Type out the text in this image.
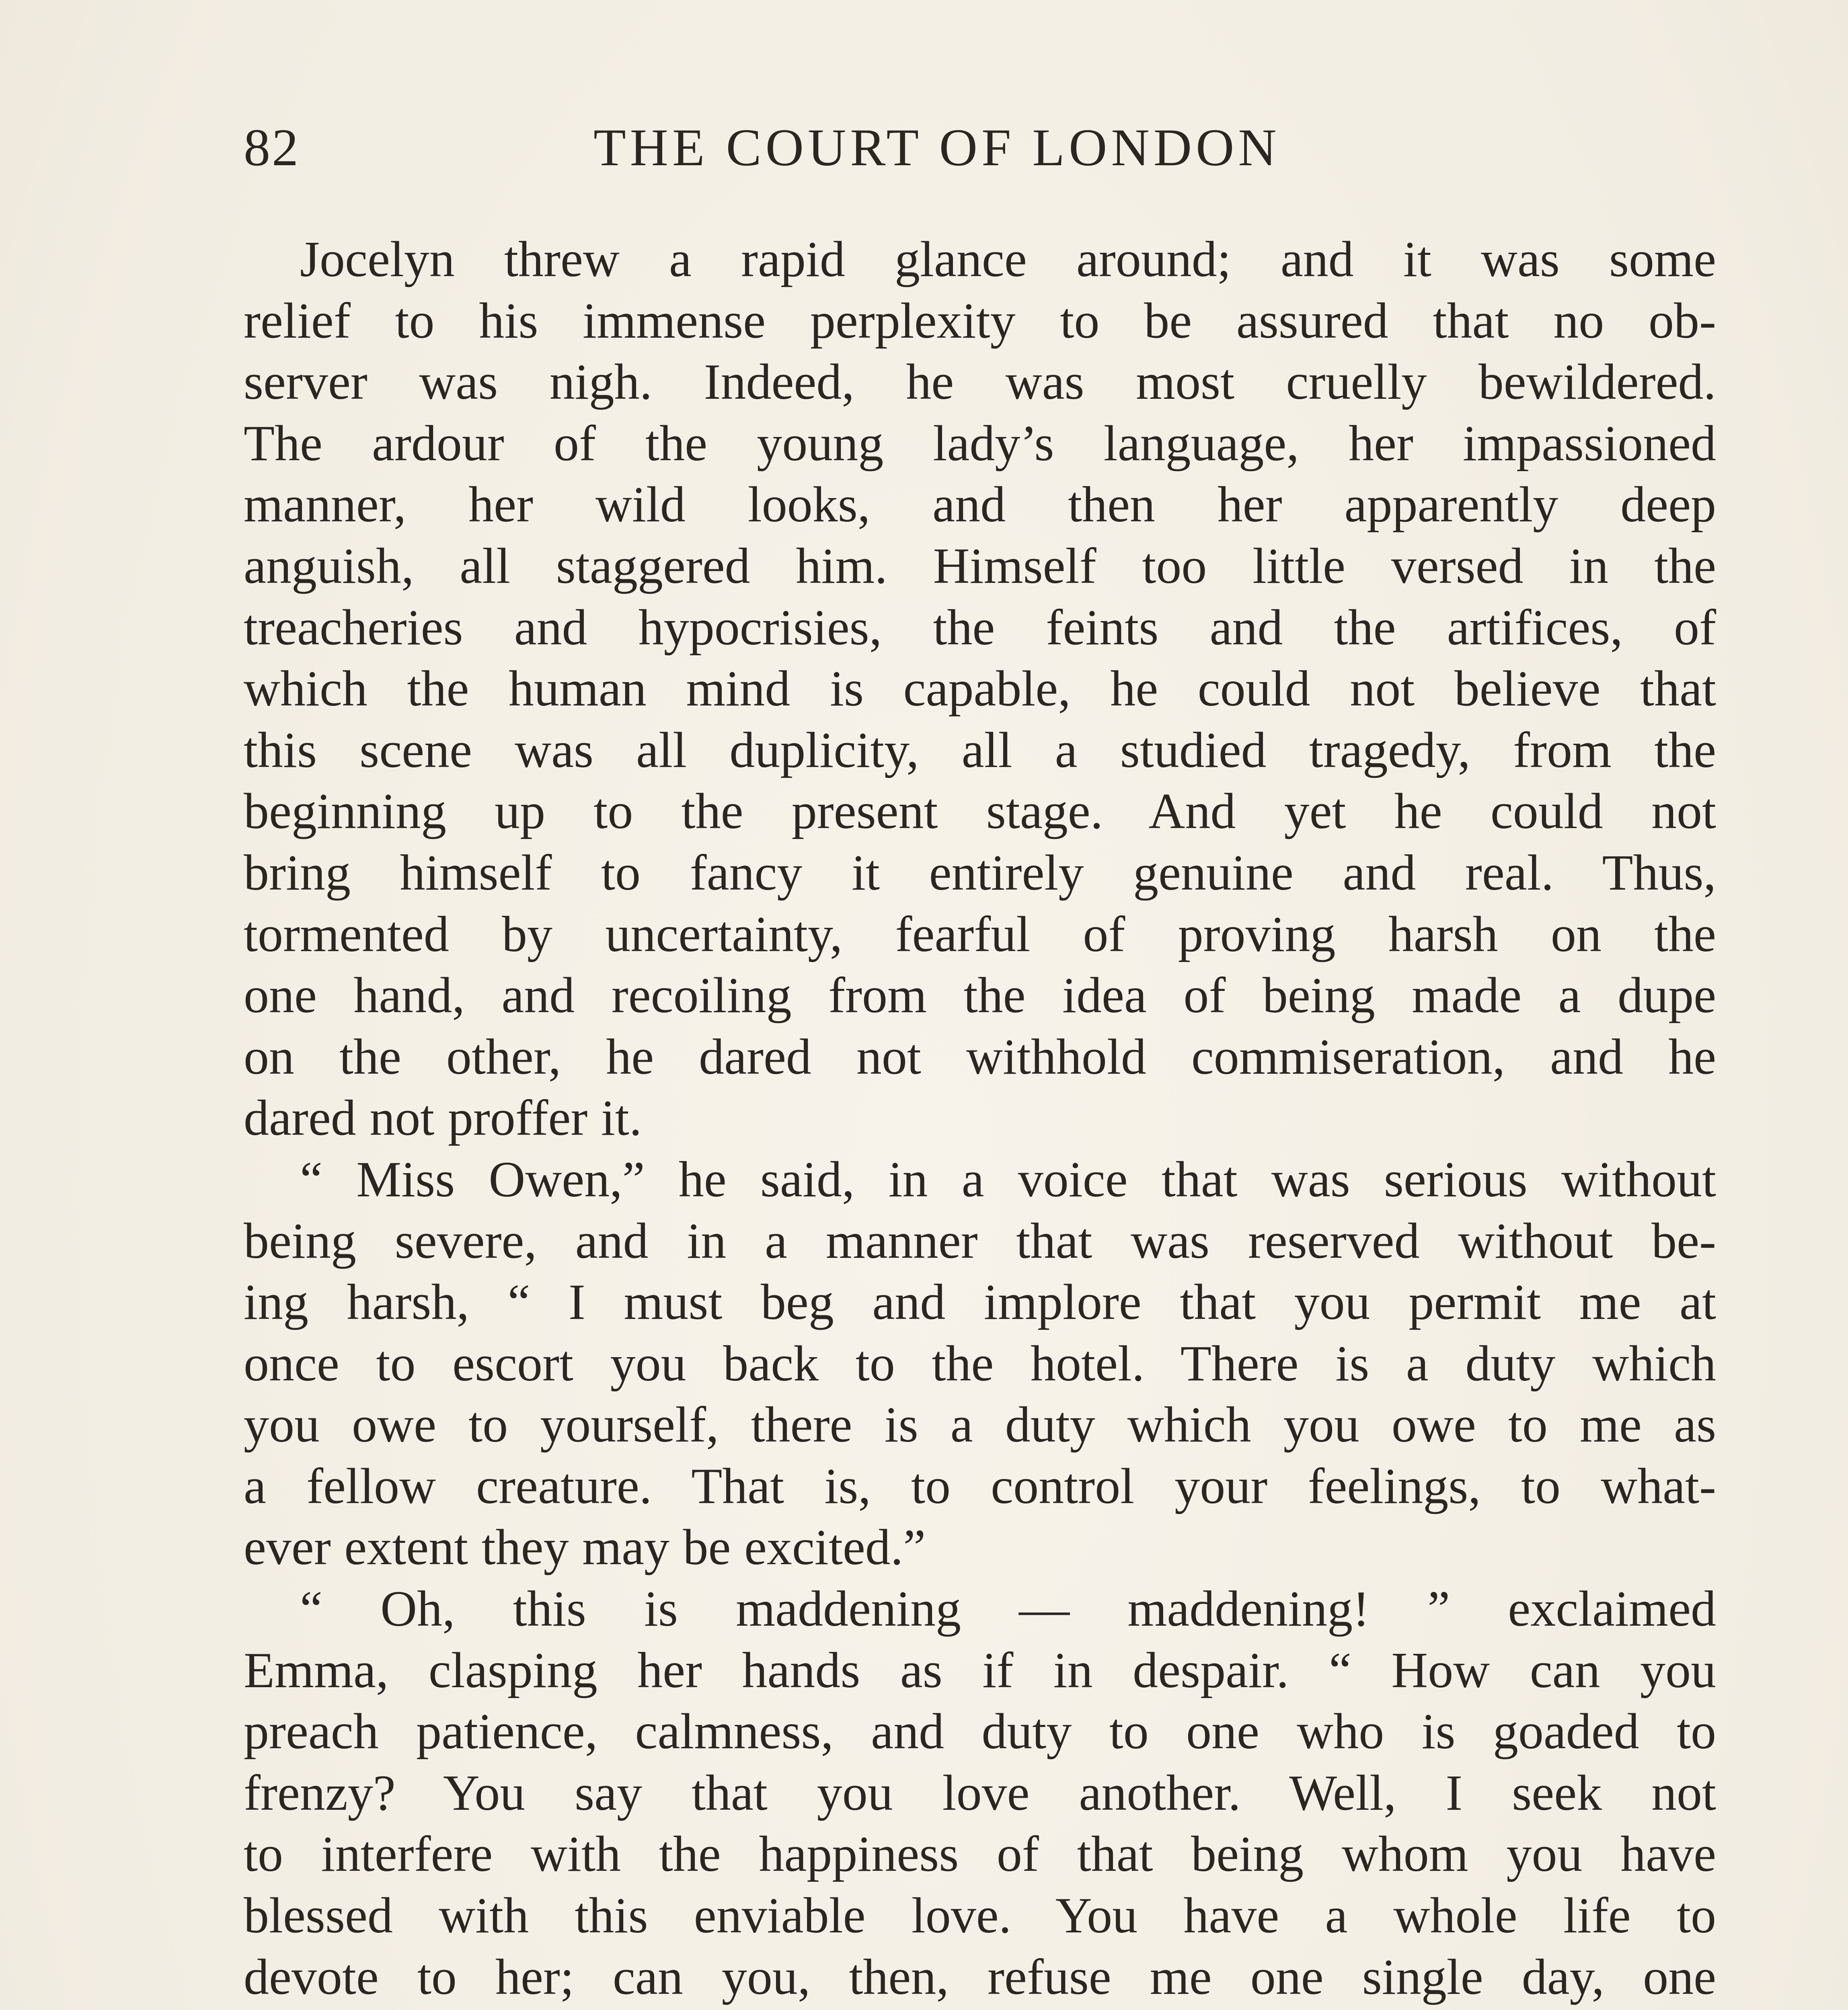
82	THE COURT OF LONDON
Jocelyn threw a rapid glance around; and it was some
relief to his immense perplexity to be assured that no ob-
server was nigh. Indeed, he was most cruelly bewildered.
The ardour of the young lady’s language, her impassioned
manner, her wild looks, and then her apparently deep
anguish, all staggered him. Himself too little versed in the
treacheries and hypocrisies, the feints and the artifices, of
which the human mind is capable, he could not believe that
this scene was all duplicity, all a studied tragedy, from the
beginning up to the present stage. And yet he could not
bring himself to fancy it entirely genuine and real. Thus,
tormented by uncertainty, fearful of proving harsh on the
one hand, and recoiling from the idea of being made a dupe
on the other, he dared not withhold commiseration, and he
dared not proffer it.
“ Miss Owen,” he said, in a voice that was serious without
being severe, and in a manner that was reserved without be-
ing harsh, “ I must beg and implore that you permit me at
once to escort you back to the hotel. There is a duty which
you owe to yourself, there is a duty which you owe to me as
a fellow creature. That is, to control your feelings, to what-
ever extent they may be excited.”
“ Oh, this is maddening — maddening! ” exclaimed
Emma, clasping her hands as if in despair. “ How can you
preach patience, calmness, and duty to one who is goaded to
frenzy? You say that you love another. Well, I seek not
to interfere with the happiness of that being whom you have
blessed with this enviable love. You have a whole life to
devote to her; can you, then, refuse me one single day, one
